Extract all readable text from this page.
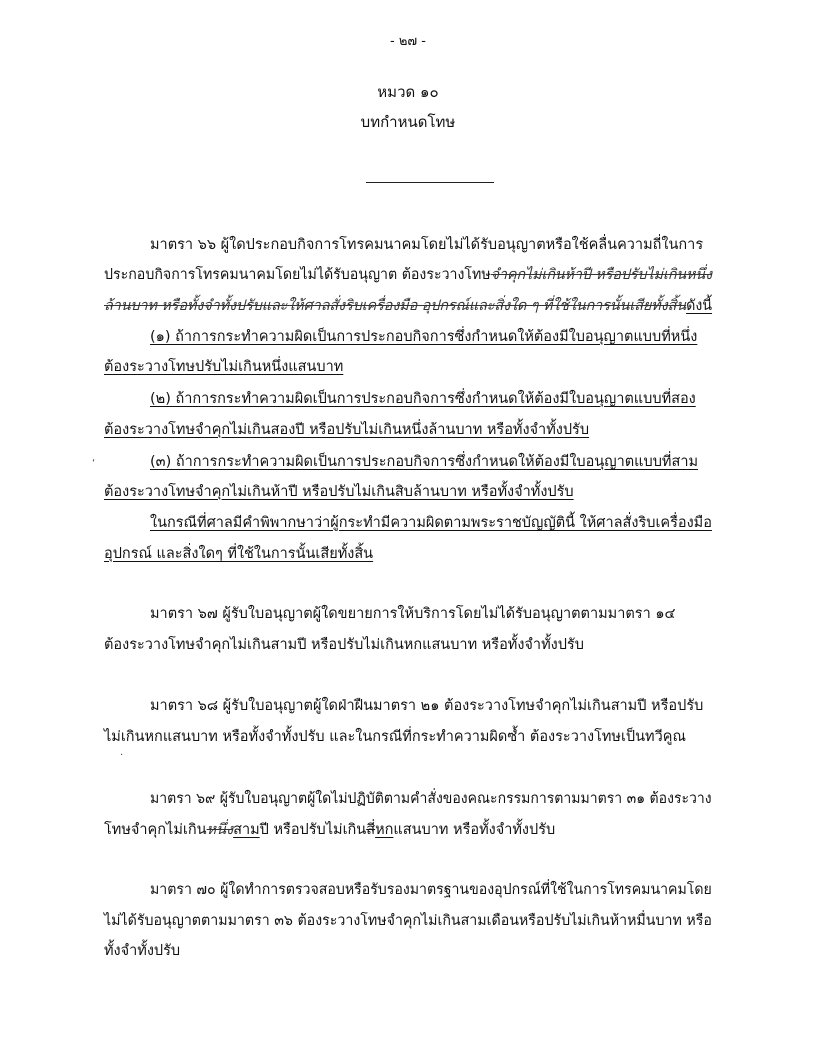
- ๒๗ -
หมวด ๑๐
บทกำหนดโทษ
มาตรา ๖๖ ผู้ใดประกอบกิจการโทรคมนาคมโดยไม่ได้รับอนุญาตหรือใช้คลื่นความถี่ในการ
ประกอบกิจการโทรคมนาคมโดยไม่ได้รับอนุญาต ต้องระวางโทษจำคุกไม่เกินห้าปี หรือปรับไม่เกินหนึ่ง
ล้านบาท หรือทั้งจำทั้งปรับและให้ศาลสั่งริบเครื่องมือ อุปกรณ์และสิ่งใด ๆ ที่ใช้ในการนั้นเสียทั้งสิ้นดังนี้
(๑) ถ้าการกระทำความผิดเป็นการประกอบกิจการซึ่งกำหนดให้ต้องมีใบอนุญาตแบบที่หนึ่ง
ต้องระวางโทษปรับไม่เกินหนึ่งแสนบาท
(๒) ถ้าการกระทำความผิดเป็นการประกอบกิจการซึ่งกำหนดให้ต้องมีใบอนุญาตแบบที่สอง
ต้องระวางโทษจำคุกไม่เกินสองปี หรือปรับไม่เกินหนึ่งล้านบาท หรือทั้งจำทั้งปรับ
‘	(๓) ถ้าการกระทำความผิดเป็นการประกอบกิจการซึ่งกำหนดให้ต้องมีใบอนุญาตแบบที่สาม
ต้องระวางโทษจำคุกไม่เกินห้าปี หรือปรับไม่เกินสิบล้านบาท หรือทั้งจำทั้งปรับ
ในกรณีที่ศาลมีคำพิพากษาว่าผู้กระทำมีความผิดตามพระราชบัญญัตินี้ ให้ศาลสั่งริบเครื่องมือ
อุปกรณ์ และสิ่งใดๆ ที่ใช้ในการนั้นเสียทั้งสิ้น
มาตรา ๖๗ ผู้รับใบอนุญาตผู้ใดขยายการให้บริการโดยไม่ได้รับอนุญาตตามมาตรา ๑๔
ต้องระวางโทษจำคุกไม่เกินสามปี หรือปรับไม่เกินหกแสนบาท หรือทั้งจำทั้งปรับ
มาตรา ๖๘ ผู้รับใบอนุญาตผู้ใดฝ่าฝืนมาตรา ๒๑ ต้องระวางโทษจำคุกไม่เกินสามปี หรือปรับ
ไม่เกินหกแสนบาท หรือทั้งจำทั้งปรับ และในกรณีที่กระทำความผิดซ้ำ ต้องระวางโทษเป็นทวีคูณ
·
มาตรา ๖๙ ผู้รับใบอนุญาตผู้ใดไม่ปฏิบัติตามคำสั่งของคณะกรรมการตามมาตรา ๓๑ ต้องระวาง
โทษจำคุกไม่เกินหนึ่งสามปี หรือปรับไม่เกินสี่หกแสนบาท หรือทั้งจำทั้งปรับ
มาตรา ๗๐ ผู้ใดทำการตรวจสอบหรือรับรองมาตรฐานของอุปกรณ์ที่ใช้ในการโทรคมนาคมโดย
ไม่ได้รับอนุญาตตามมาตรา ๓๖ ต้องระวางโทษจำคุกไม่เกินสามเดือนหรือปรับไม่เกินห้าหมื่นบาท หรือ
ทั้งจำทั้งปรับ
